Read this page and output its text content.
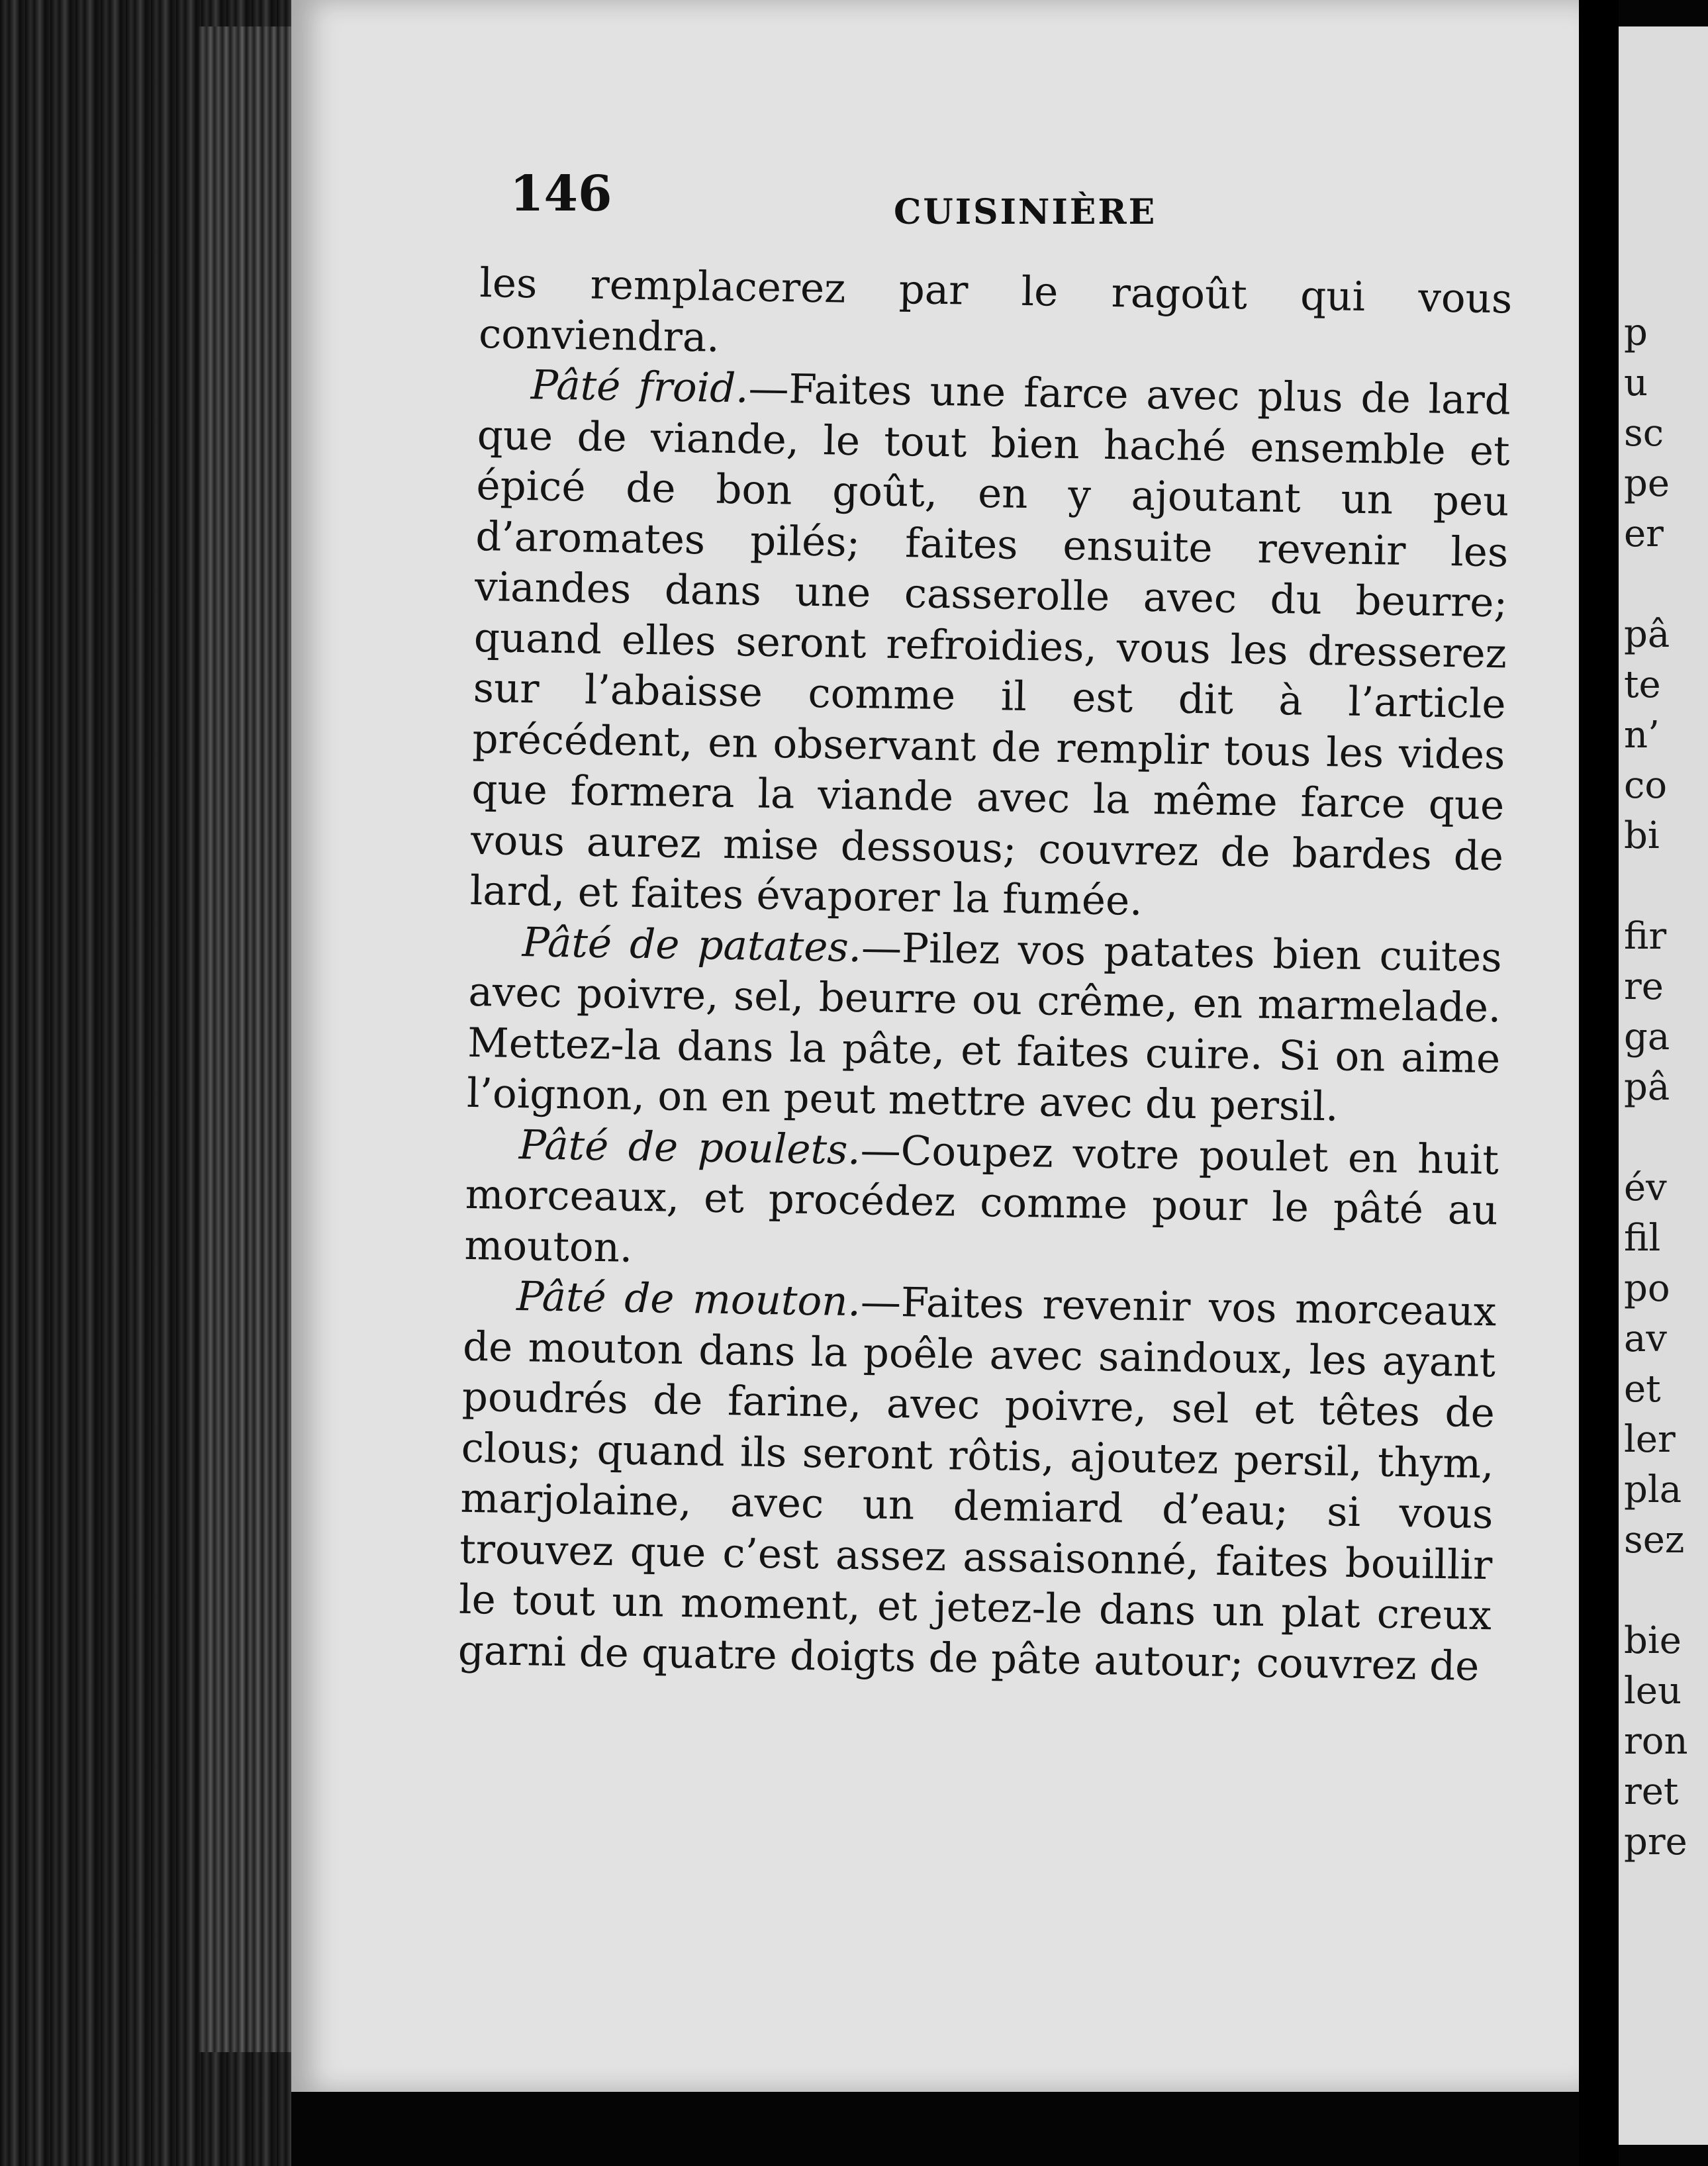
146	CUISINIÈRE

les remplacerez par le ragoût qui vous conviendra.

Pâté froid.—Faites une farce avec plus de lard que de viande, le tout bien haché ensemble et épicé de bon goût, en y ajoutant un peu d’aromates pilés; faites ensuite revenir les viandes dans une casserolle avec du beurre; quand elles seront refroidies, vous les dresserez sur l’abaisse comme il est dit à l’article précédent, en observant de remplir tous les vides que formera la viande avec la même farce que vous aurez mise dessous; couvrez de bardes de lard, et faites évaporer la fumée.

Pâté de patates.—Pilez vos patates bien cuites avec poivre, sel, beurre ou crême, en marmelade. Mettez-la dans la pâte, et faites cuire. Si on aime l’oignon, on en peut mettre avec du persil.

Pâté de poulets.—Coupez votre poulet en huit morceaux, et procédez comme pour le pâté au mouton.

Pâté de mouton.—Faites revenir vos morceaux de mouton dans la poêle avec saindoux, les ayant poudrés de farine, avec poivre, sel et têtes de clous; quand ils seront rôtis, ajoutez persil, thym, marjolaine, avec un demiard d’eau; si vous trouvez que c’est assez assaisonné, faites bouillir le tout un moment, et jetez-le dans un plat creux garni de quatre doigts de pâte autour; couvrez de

p
u
sc
pe
er
pâ
te
n’
co
bi
fir
re
ga
pâ
év
fil
po
av
et
ler
pla
sez
bie
leu
ron
ret
pre
